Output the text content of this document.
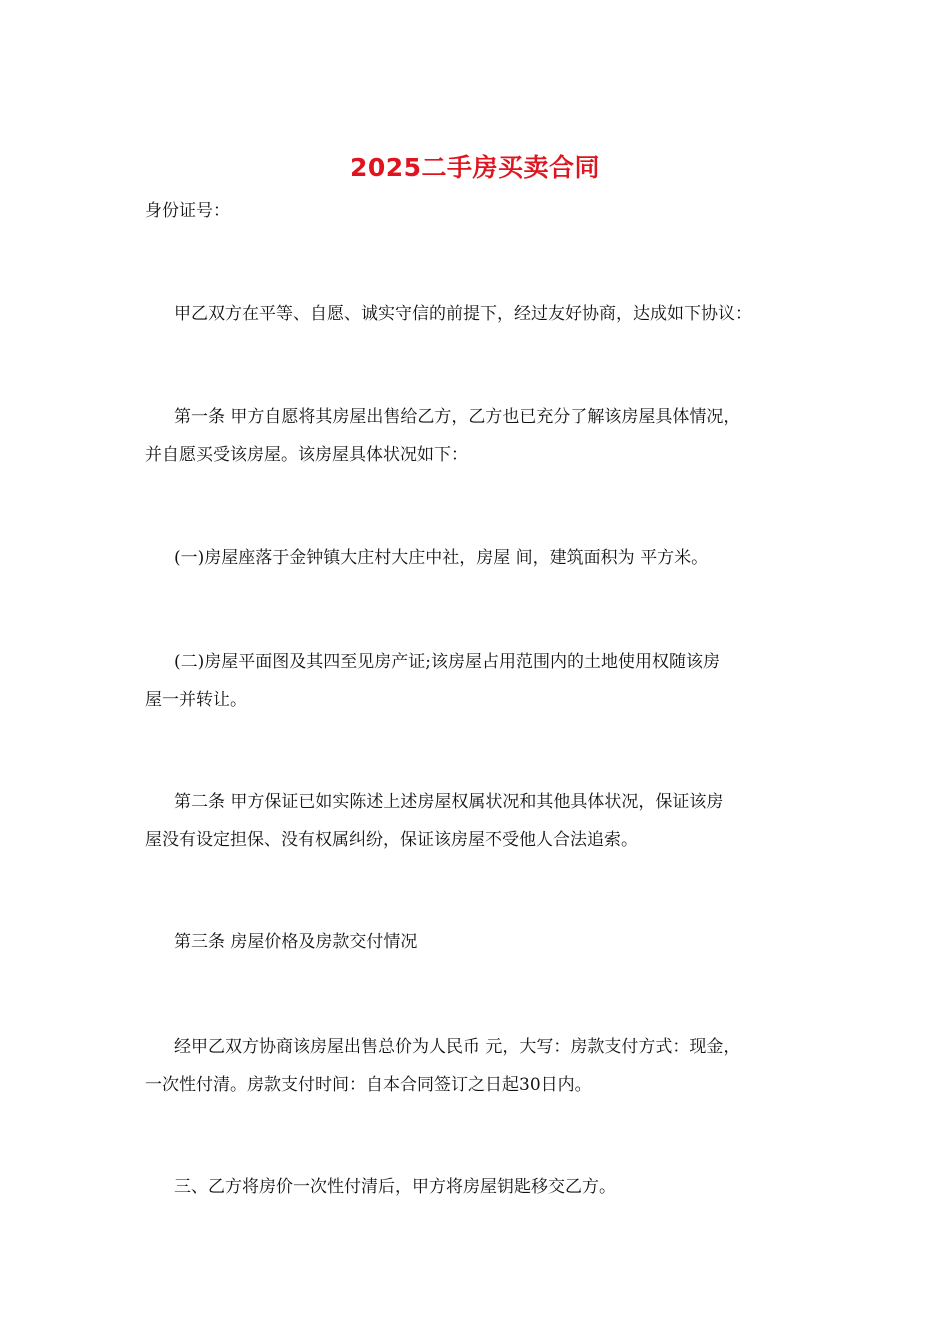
2025二手房买卖合同
身份证号：
甲乙双方在平等、自愿、诚实守信的前提下，经过友好协商，达成如下协议：
第一条 甲方自愿将其房屋出售给乙方，乙方也已充分了解该房屋具体情况，
并自愿买受该房屋。该房屋具体状况如下：
(一)房屋座落于金钟镇大庄村大庄中社，房屋 间，建筑面积为 平方米。
(二)房屋平面图及其四至见房产证;该房屋占用范围内的土地使用权随该房
屋一并转让。
第二条 甲方保证已如实陈述上述房屋权属状况和其他具体状况，保证该房
屋没有设定担保、没有权属纠纷，保证该房屋不受他人合法追索。
第三条 房屋价格及房款交付情况
经甲乙双方协商该房屋出售总价为人民币 元，大写：房款支付方式：现金，
一次性付清。房款支付时间：自本合同签订之日起30日内。
三、乙方将房价一次性付清后，甲方将房屋钥匙移交乙方。
